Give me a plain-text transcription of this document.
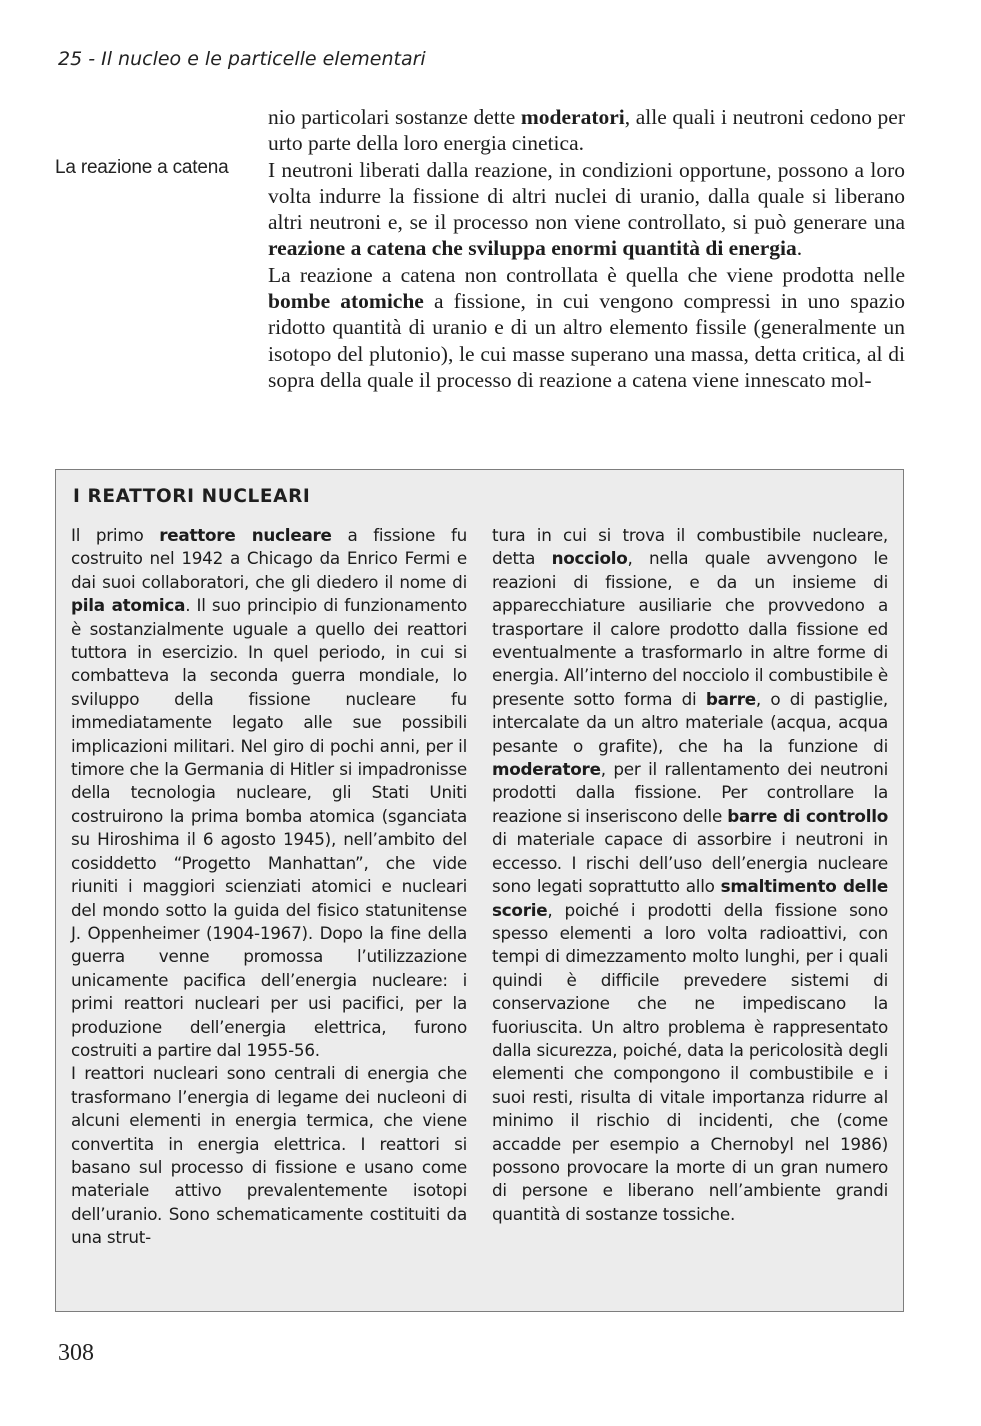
25 - Il nucleo e le particelle elementari
La reazione a catena

nio particolari sostanze dette moderatori, alle quali i neutroni cedono per urto parte della loro energia cinetica.

I neutroni liberati dalla reazione, in condizioni opportune, possono a loro volta indurre la fissione di altri nuclei di uranio, dalla quale si liberano altri neutroni e, se il processo non viene controllato, si può generare una reazione a catena che sviluppa enormi quantità di energia.

La reazione a catena non controllata è quella che viene prodotta nelle bombe atomiche a fissione, in cui vengono compressi in uno spazio ridotto quantità di uranio e di un altro elemento fissile (generalmente un isotopo del plutonio), le cui masse superano una massa, detta critica, al di sopra della quale il processo di reazione a catena viene innescato mol-

I REATTORI NUCLEARI

Il primo reattore nucleare a fissione fu costruito nel 1942 a Chicago da Enrico Fermi e dai suoi collaboratori, che gli diedero il nome di pila atomica. Il suo principio di funzionamento è sostanzialmente uguale a quello dei reattori tuttora in esercizio. In quel periodo, in cui si combatteva la seconda guerra mondiale, lo sviluppo della fissione nucleare fu immediatamente legato alle sue possibili implicazioni militari. Nel giro di pochi anni, per il timore che la Germania di Hitler si impadronisse della tecnologia nucleare, gli Stati Uniti costruirono la prima bomba atomica (sganciata su Hiroshima il 6 agosto 1945), nell’ambito del cosiddetto “Progetto Manhattan”, che vide riuniti i maggiori scienziati atomici e nucleari del mondo sotto la guida del fisico statunitense J. Oppenheimer (1904-1967). Dopo la fine della guerra venne promossa l’utilizzazione unicamente pacifica dell’energia nucleare: i primi reattori nucleari per usi pacifici, per la produzione dell’energia elettrica, furono costruiti a partire dal 1955-56.

I reattori nucleari sono centrali di energia che trasformano l’energia di legame dei nucleoni di alcuni elementi in energia termica, che viene convertita in energia elettrica. I reattori si basano sul processo di fissione e usano come materiale attivo prevalentemente isotopi dell’uranio. Sono schematicamente costituiti da una strut-

tura in cui si trova il combustibile nucleare, detta nocciolo, nella quale avvengono le reazioni di fissione, e da un insieme di apparecchiature ausiliarie che provvedono a trasportare il calore prodotto dalla fissione ed eventualmente a trasformarlo in altre forme di energia. All’interno del nocciolo il combustibile è presente sotto forma di barre, o di pastiglie, intercalate da un altro materiale (acqua, acqua pesante o grafite), che ha la funzione di moderatore, per il rallentamento dei neutroni prodotti dalla fissione. Per controllare la reazione si inseriscono delle barre di controllo di materiale capace di assorbire i neutroni in eccesso. I rischi dell’uso dell’energia nucleare sono legati soprattutto allo smaltimento delle scorie, poiché i prodotti della fissione sono spesso elementi a loro volta radioattivi, con tempi di dimezzamento molto lunghi, per i quali quindi è difficile prevedere sistemi di conservazione che ne impediscano la fuoriuscita. Un altro problema è rappresentato dalla sicurezza, poiché, data la pericolosità degli elementi che compongono il combustibile e i suoi resti, risulta di vitale importanza ridurre al minimo il rischio di incidenti, che (come accadde per esempio a Chernobyl nel 1986) possono provocare la morte di un gran numero di persone e liberano nell’ambiente grandi quantità di sostanze tossiche.

308
